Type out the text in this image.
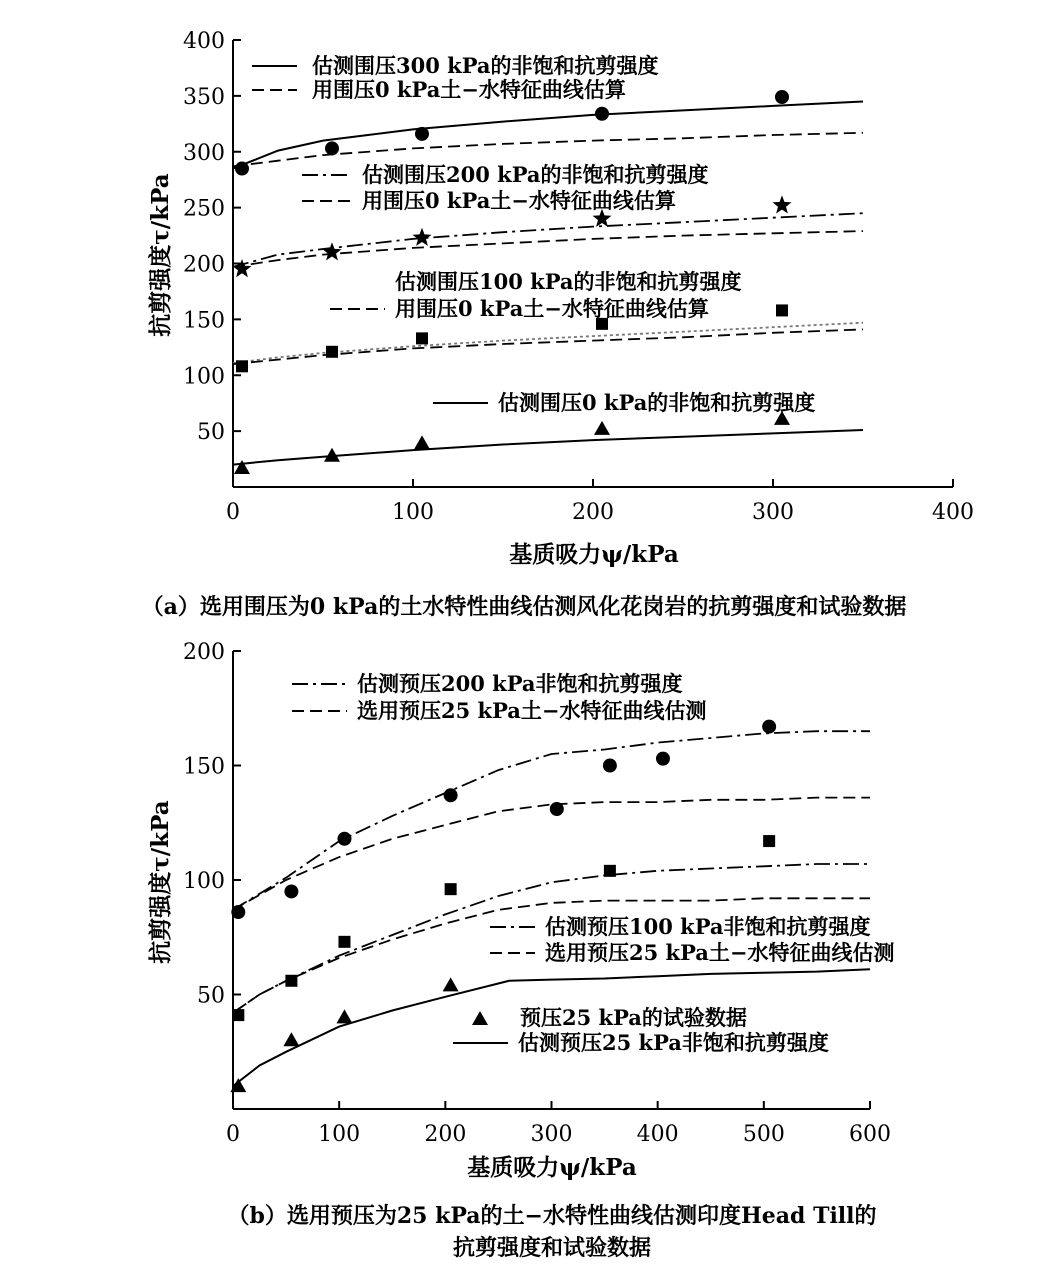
50
100
150
200
250
300
350
400
0	100	200	300	400
估测围压300 kPa的非饱和抗剪强度
用围压0 kPa土−水特征曲线估算
估测围压200 kPa的非饱和抗剪强度
用围压0 kPa土−水特征曲线估算
估测围压100 kPa的非饱和抗剪强度
用围压0 kPa土−水特征曲线估算
估测围压0 kPa的非饱和抗剪强度
基质吸力ψ/kPa
抗剪强度τ/kPa
（a）选用围压为0 kPa的土水特性曲线估测风化花岗岩的抗剪强度和试验数据
50
100
150
200
0	100	200	300	400	500	600
估测预压200 kPa非饱和抗剪强度
选用预压25 kPa土−水特征曲线估测
估测预压100 kPa非饱和抗剪强度
选用预压25 kPa土−水特征曲线估测
预压25 kPa的试验数据
估测预压25 kPa非饱和抗剪强度
基质吸力ψ/kPa
抗剪强度τ/kPa
（b）选用预压为25 kPa的土−水特性曲线估测印度Head Till的
抗剪强度和试验数据
